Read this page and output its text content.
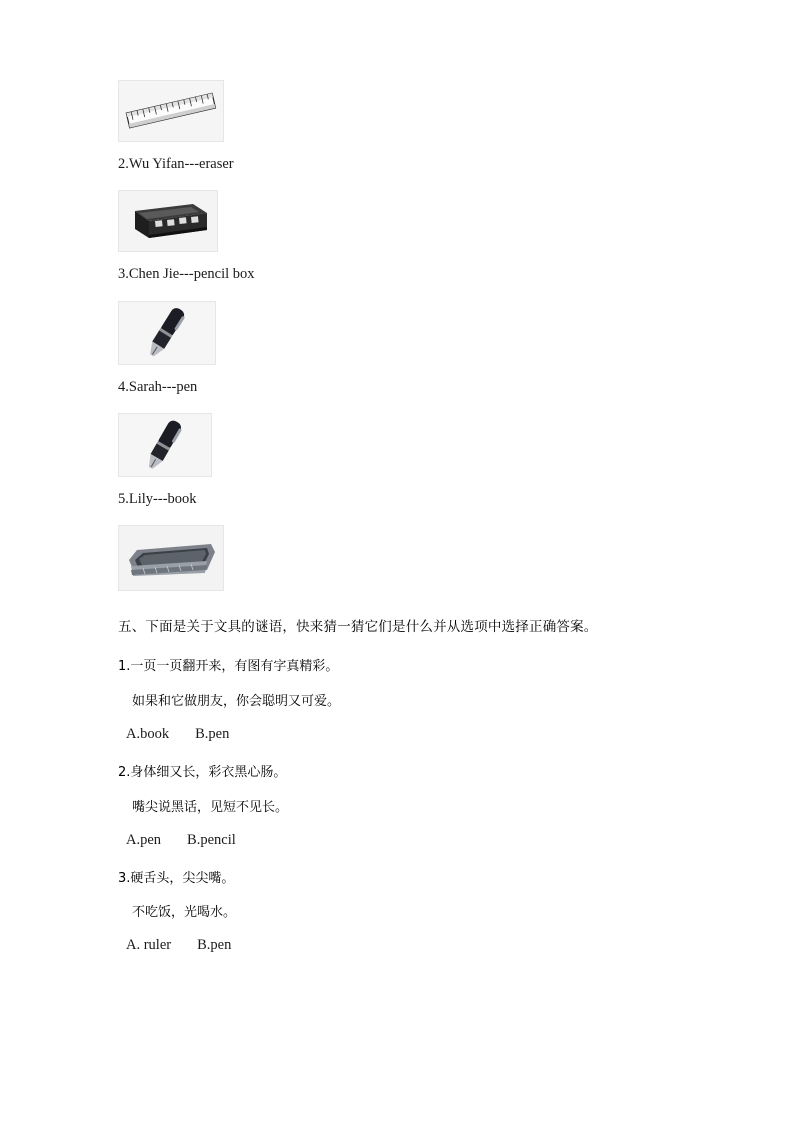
2.Wu Yifan---eraser

3.Chen Jie---pencil box

4.Sarah---pen

5.Lily---book

五、下面是关于文具的谜语，快来猜一猜它们是什么并从选项中选择正确答案。

1.一页一页翻开来，有图有字真精彩。

如果和它做朋友，你会聪明又可爱。

A.book B.pen

2.身体细又长，彩衣黑心肠。

嘴尖说黑话，见短不见长。

A.pen B.pencil

3.硬舌头，尖尖嘴。

不吃饭，光喝水。

A. ruler B.pen
